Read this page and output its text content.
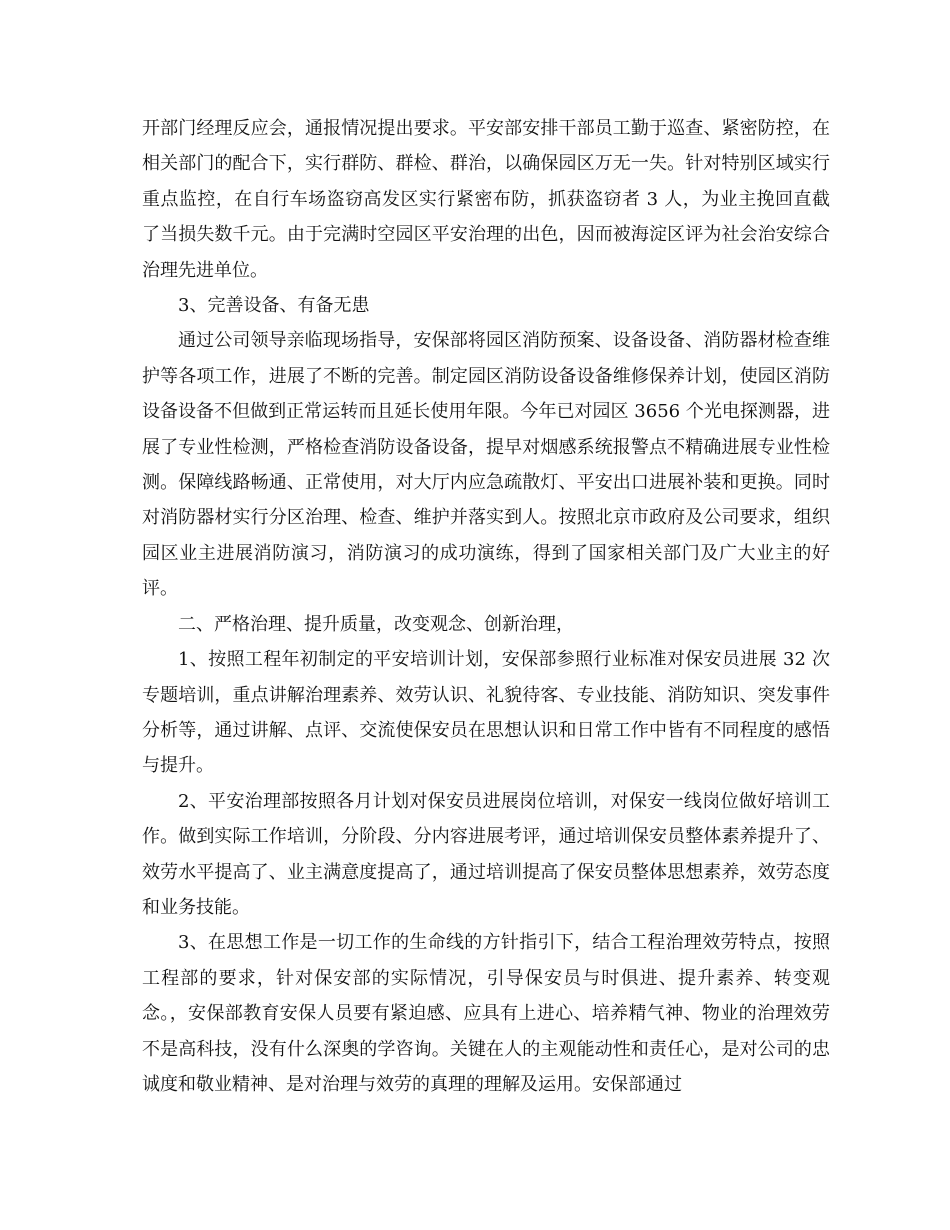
开部门经理反应会，通报情况提出要求。平安部安排干部员工勤于巡查、紧密防控，在相关部门的配合下，实行群防、群检、群治，以确保园区万无一失。针对特别区域实行重点监控，在自行车场盗窃高发区实行紧密布防，抓获盗窃者 3 人，为业主挽回直截了当损失数千元。由于完满时空园区平安治理的出色，因而被海淀区评为社会治安综合治理先进单位。

3、完善设备、有备无患

通过公司领导亲临现场指导，安保部将园区消防预案、设备设备、消防器材检查维护等各项工作，进展了不断的完善。制定园区消防设备设备维修保养计划，使园区消防设备设备不但做到正常运转而且延长使用年限。今年已对园区 3656 个光电探测器，进展了专业性检测，严格检查消防设备设备，提早对烟感系统报警点不精确进展专业性检测。保障线路畅通、正常使用，对大厅内应急疏散灯、平安出口进展补装和更换。同时对消防器材实行分区治理、检查、维护并落实到人。按照北京市政府及公司要求，组织园区业主进展消防演习，消防演习的成功演练，得到了国家相关部门及广大业主的好评。

二、严格治理、提升质量，改变观念、创新治理，

1、按照工程年初制定的平安培训计划，安保部参照行业标准对保安员进展 32 次专题培训，重点讲解治理素养、效劳认识、礼貌待客、专业技能、消防知识、突发事件分析等，通过讲解、点评、交流使保安员在思想认识和日常工作中皆有不同程度的感悟与提升。

2、平安治理部按照各月计划对保安员进展岗位培训，对保安一线岗位做好培训工作。做到实际工作培训，分阶段、分内容进展考评，通过培训保安员整体素养提升了、效劳水平提高了、业主满意度提高了，通过培训提高了保安员整体思想素养，效劳态度和业务技能。

3、在思想工作是一切工作的生命线的方针指引下，结合工程治理效劳特点，按照工程部的要求，针对保安部的实际情况，引导保安员与时俱进、提升素养、转变观念。，安保部教育安保人员要有紧迫感、应具有上进心、培养精气神、物业的治理效劳不是高科技，没有什么深奥的学咨询。关键在人的主观能动性和责任心，是对公司的忠诚度和敬业精神、是对治理与效劳的真理的理解及运用。安保部通过
